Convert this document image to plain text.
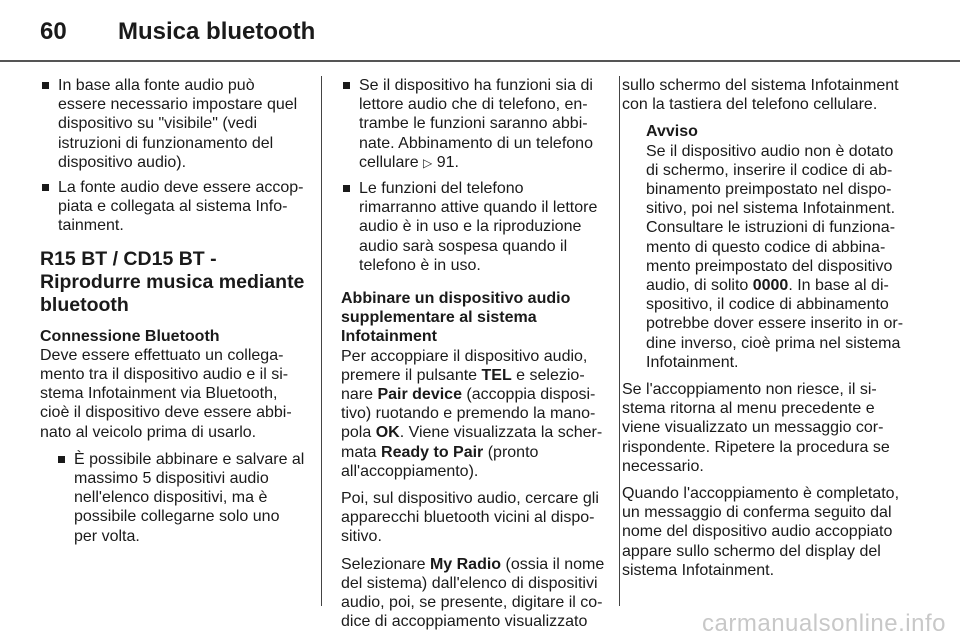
60 Musica bluetooth
In base alla fonte audio può essere necessario impostare quel dispositivo su "visibile" (vedi istruzioni di funzionamento del dispositivo audio).
La fonte audio deve essere accoppiata e collegata al sistema Infotainment.
R15 BT / CD15 BT - Riprodurre musica mediante bluetooth

Connessione Bluetooth

Deve essere effettuato un collegamento tra il dispositivo audio e il sistema Infotainment via Bluetooth, cioè il dispositivo deve essere abbinato al veicolo prima di usarlo.

È possibile abbinare e salvare al massimo 5 dispositivi audio nell'elenco dispositivi, ma è possibile collegarne solo uno per volta.
Se il dispositivo ha funzioni sia di lettore audio che di telefono, entrambe le funzioni saranno abbinate. Abbinamento di un telefono cellulare ▷ 91.
Le funzioni del telefono rimarranno attive quando il lettore audio è in uso e la riproduzione audio sarà sospesa quando il telefono è in uso.

Abbinare un dispositivo audio
supplementare al sistema
Infotainment

Per accoppiare il dispositivo audio, premere il pulsante TEL e selezionare Pair device (accoppia dispositivo) ruotando e premendo la manopola OK. Viene visualizzata la schermata Ready to Pair (pronto all'accoppiamento).

Poi, sul dispositivo audio, cercare gli apparecchi bluetooth vicini al dispositivo.

Selezionare My Radio (ossia il nome del sistema) dall'elenco di dispositivi audio, poi, se presente, digitare il codice di accoppiamento visualizzato

sullo schermo del sistema Infotainment con la tastiera del telefono cellulare.

Avviso
Se il dispositivo audio non è dotato di schermo, inserire il codice di abbinamento preimpostato nel dispositivo, poi nel sistema Infotainment. Consultare le istruzioni di funzionamento di questo codice di abbinamento preimpostato del dispositivo audio, di solito 0000. In base al dispositivo, il codice di abbinamento potrebbe dover essere inserito in ordine inverso, cioè prima nel sistema Infotainment.

Se l'accoppiamento non riesce, il sistema ritorna al menu precedente e viene visualizzato un messaggio corrispondente. Ripetere la procedura se necessario.

Quando l'accoppiamento è completato, un messaggio di conferma seguito dal nome del dispositivo audio accoppiato appare sullo schermo del display del sistema Infotainment.

carmanualsonline.info
